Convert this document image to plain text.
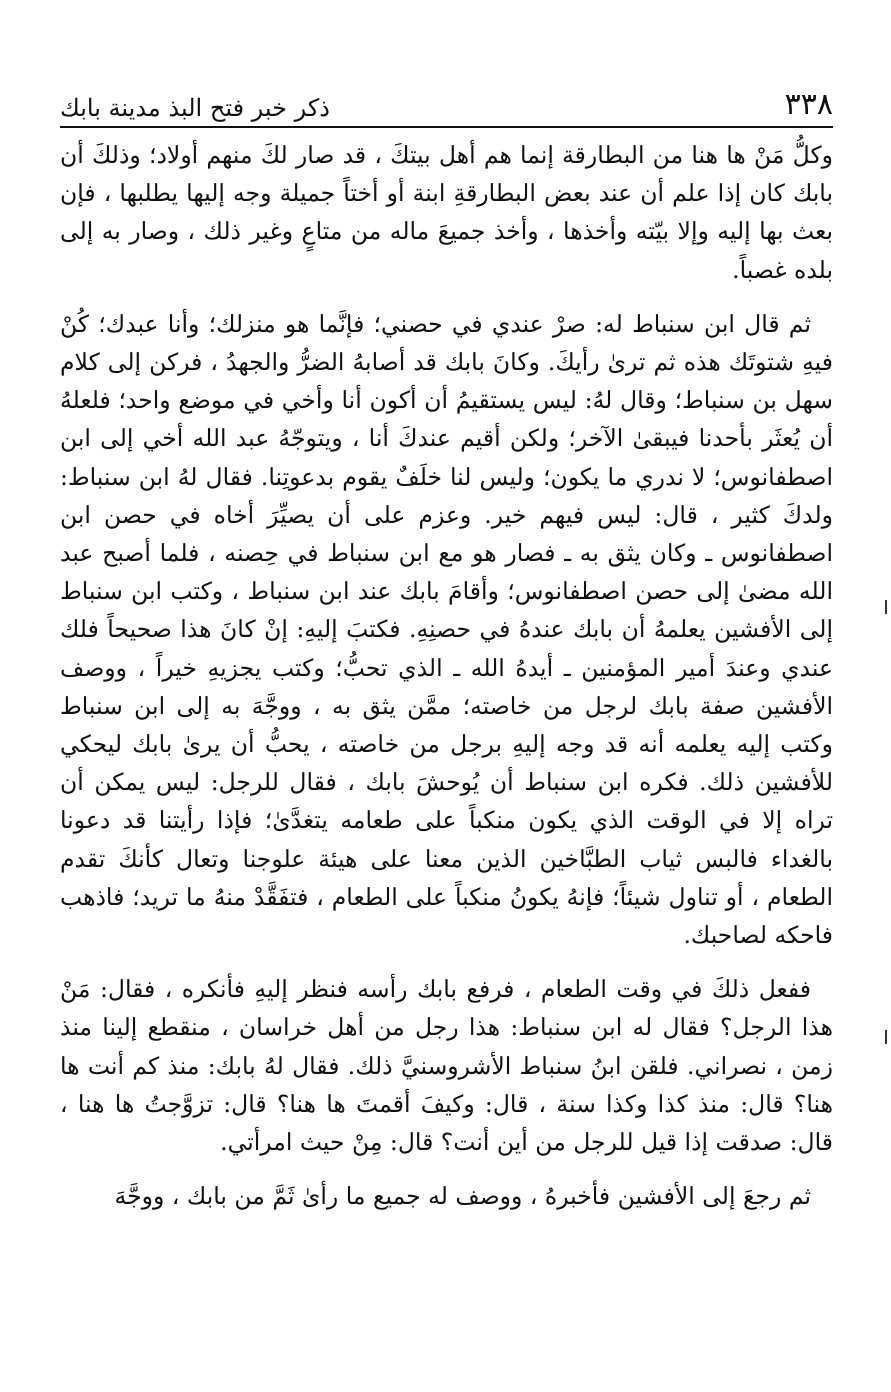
٣٣٨
ذكر خبر فتح البذ مدينة بابك

وكلُّ مَنْ ها هنا من البطارقة إنما هم أهل بيتكَ ، قد صار لكَ منهم أولاد؛ وذلكَ أن بابك كان إذا علم أن عند بعض البطارقةِ ابنة أو أختاً جميلة وجه إليها يطلبها ، فإن بعث بها إليه وإلا بيّته وأخذها ، وأخذ جميعَ ماله من متاعٍ وغير ذلك ، وصار به إلى بلده غصباً.

ثم قال ابن سنباط له: صرْ عندي في حصني؛ فإنَّما هو منزلك؛ وأنا عبدك؛ كُنْ فيهِ شتوتَك هذه ثم ترىٰ رأيكَ. وكانَ بابك قد أصابهُ الضرُّ والجهدُ ، فركن إلى كلام سهل بن سنباط؛ وقال لهُ: ليس يستقيمُ أن أكون أنا وأخي في موضع واحد؛ فلعلهُ أن يُعثَر بأحدنا فيبقىٰ الآخر؛ ولكن أقيم عندكَ أنا ، ويتوجّهُ عبد الله أخي إلى ابن اصطفانوس؛ لا ندري ما يكون؛ وليس لنا خلَفٌ يقوم بدعوتِنا. فقال لهُ ابن سنباط: ولدكَ كثير ، قال: ليس فيهم خير. وعزم على أن يصيِّرَ أخاه في حصن ابن اصطفانوس ـ وكان يثق به ـ فصار هو مع ابن سنباط في حِصنه ، فلما أصبح عبد الله مضىٰ إلى حصن اصطفانوس؛ وأقامَ بابك عند ابن سنباط ، وكتب ابن سنباط إلى الأفشين يعلمهُ أن بابك عندهُ في حصنِهِ. فكتبَ إليهِ: إنْ كانَ هذا صحيحاً فلك عندي وعندَ أمير المؤمنين ـ أيدهُ الله ـ الذي تحبُّ؛ وكتب يجزيهِ خيراً ، ووصف الأفشين صفة بابك لرجل من خاصته؛ ممَّن يثق به ، ووجَّهَ به إلى ابن سنباط وكتب إليه يعلمه أنه قد وجه إليهِ برجل من خاصته ، يحبُّ أن يرىٰ بابك ليحكي للأفشين ذلك. فكره ابن سنباط أن يُوحشَ بابك ، فقال للرجل: ليس يمكن أن تراه إلا في الوقت الذي يكون منكباً على طعامه يتغدَّىٰ؛ فإذا رأيتنا قد دعونا بالغداء فالبس ثياب الطبَّاخين الذين معنا على هيئة علوجنا وتعال كأنكَ تقدم الطعام ، أو تناول شيئاً؛ فإنهُ يكونُ منكباً على الطعام ، فتفَقَّدْ منهُ ما تريد؛ فاذهب فاحكه لصاحبك.

ففعل ذلكَ في وقت الطعام ، فرفع بابك رأسه فنظر إليهِ فأنكره ، فقال: مَنْ هذا الرجل؟ فقال له ابن سنباط: هذا رجل من أهل خراسان ، منقطع إلينا منذ زمن ، نصراني. فلقن ابنُ سنباط الأشروسنيَّ ذلك. فقال لهُ بابك: منذ كم أنت ها هنا؟ قال: منذ كذا وكذا سنة ، قال: وكيفَ أقمتَ ها هنا؟ قال: تزوَّجتُ ها هنا ، قال: صدقت إذا قيل للرجل من أين أنت؟ قال: مِنْ حيث امرأتي.

ثم رجعَ إلى الأفشين فأخبرهُ ، ووصف له جميع ما رأىٰ ثَمَّ من بابك ، ووجَّهَ
